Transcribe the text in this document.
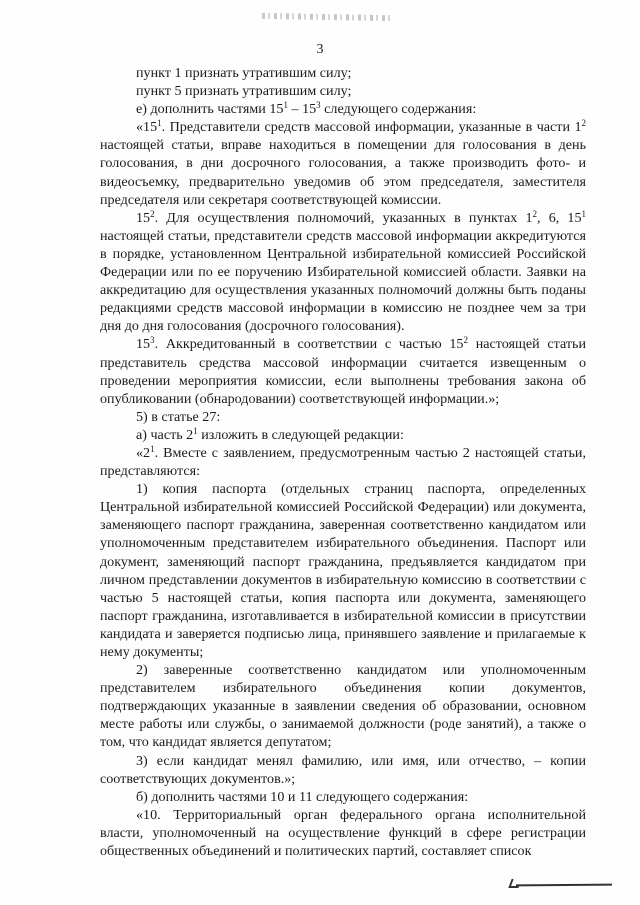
3

пункт 1 признать утратившим силу;

пункт 5 признать утратившим силу;

е) дополнить частями $15^1 - 15^3$ следующего содержания:

«$15^1$. Представители средств массовой информации, указанные в части $1^2$ настоящей статьи, вправе находиться в помещении для голосования в день голосования, в дни досрочного голосования, а также производить фото- и видеосъемку, предварительно уведомив об этом председателя, заместителя председателя или секретаря соответствующей комиссии.

$15^2$. Для осуществления полномочий, указанных в пунктах $1^2$, 6, $15^1$ настоящей статьи, представители средств массовой информации аккредитуются в порядке, установленном Центральной избирательной комиссией Российской Федерации или по ее поручению Избирательной комиссией области. Заявки на аккредитацию для осуществления указанных полномочий должны быть поданы редакциями средств массовой информации в комиссию не позднее чем за три дня до дня голосования (досрочного голосования).

$15^3$. Аккредитованный в соответствии с частью $15^2$ настоящей статьи представитель средства массовой информации считается извещенным о проведении мероприятия комиссии, если выполнены требования закона об опубликовании (обнародовании) соответствующей информации.»;

5) в статье 27:

а) часть $2^1$ изложить в следующей редакции:

«$2^1$. Вместе с заявлением, предусмотренным частью 2 настоящей статьи, представляются:

1) копия паспорта (отдельных страниц паспорта, определенных Центральной избирательной комиссией Российской Федерации) или документа, заменяющего паспорт гражданина, заверенная соответственно кандидатом или уполномоченным представителем избирательного объединения. Паспорт или документ, заменяющий паспорт гражданина, предъявляется кандидатом при личном представлении документов в избирательную комиссию в соответствии с частью 5 настоящей статьи, копия паспорта или документа, заменяющего паспорт гражданина, изготавливается в избирательной комиссии в присутствии кандидата и заверяется подписью лица, принявшего заявление и прилагаемые к нему документы;

2) заверенные соответственно кандидатом или уполномоченным представителем избирательного объединения копии документов, подтверждающих указанные в заявлении сведения об образовании, основном месте работы или службы, о занимаемой должности (роде занятий), а также о том, что кандидат является депутатом;

3) если кандидат менял фамилию, или имя, или отчество, – копии соответствующих документов.»;

б) дополнить частями 10 и 11 следующего содержания:

«10. Территориальный орган федерального органа исполнительной власти, уполномоченный на осуществление функций в сфере регистрации общественных объединений и политических партий, составляет список
